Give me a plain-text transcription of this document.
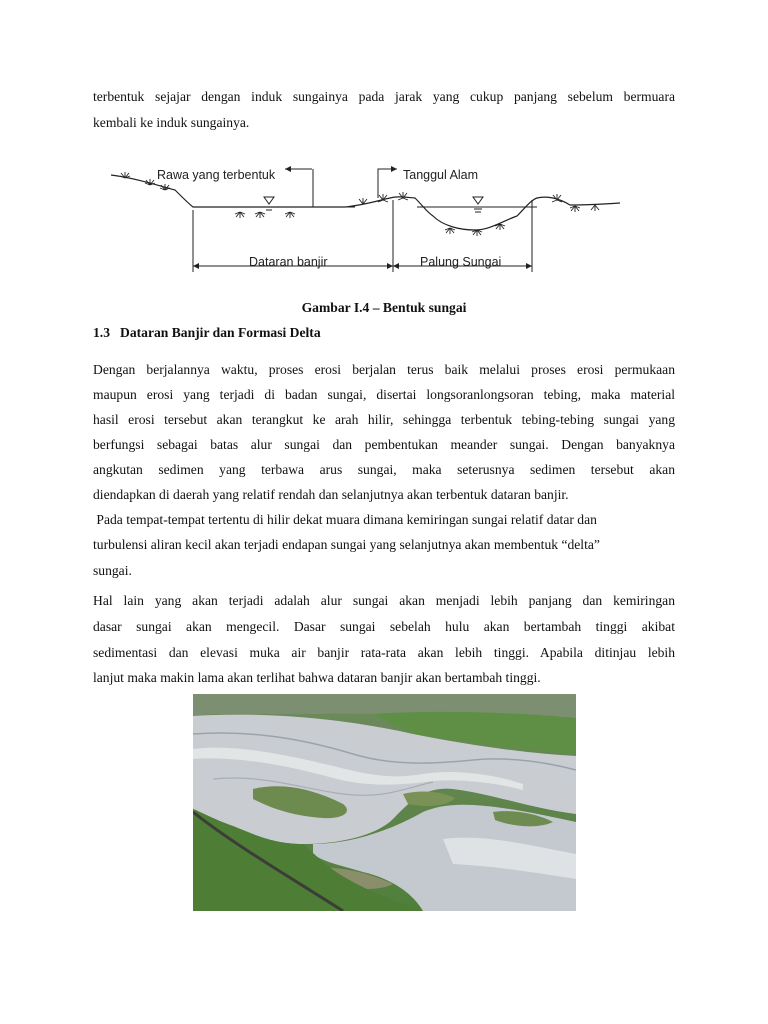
terbentuk sejajar dengan induk sungainya pada jarak yang cukup panjang sebelum bermuara

kembali ke induk sungainya.

Rawa yang terbentuk	Tanggul Alam
Dataran banjir	Palung Sungai
Gambar I.4 – Bentuk sungai
1.3 Dataran Banjir dan Formasi Delta

Dengan berjalannya waktu, proses erosi berjalan terus baik melalui proses erosi permukaan

maupun erosi yang terjadi di badan sungai, disertai longsoranlongsoran tebing, maka material

hasil erosi tersebut akan terangkut ke arah hilir, sehingga terbentuk tebing-tebing sungai yang

berfungsi sebagai batas alur sungai dan pembentukan meander sungai. Dengan banyaknya

angkutan sedimen yang terbawa arus sungai, maka seterusnya sedimen tersebut akan

diendapkan di daerah yang relatif rendah dan selanjutnya akan terbentuk dataran banjir.

Pada tempat-tempat tertentu di hilir dekat muara dimana kemiringan sungai relatif datar dan

turbulensi aliran kecil akan terjadi endapan sungai yang selanjutnya akan membentuk “delta”

sungai.

Hal lain yang akan terjadi adalah alur sungai akan menjadi lebih panjang dan kemiringan

dasar sungai akan mengecil. Dasar sungai sebelah hulu akan bertambah tinggi akibat

sedimentasi dan elevasi muka air banjir rata-rata akan lebih tinggi. Apabila ditinjau lebih

lanjut maka makin lama akan terlihat bahwa dataran banjir akan bertambah tinggi.
